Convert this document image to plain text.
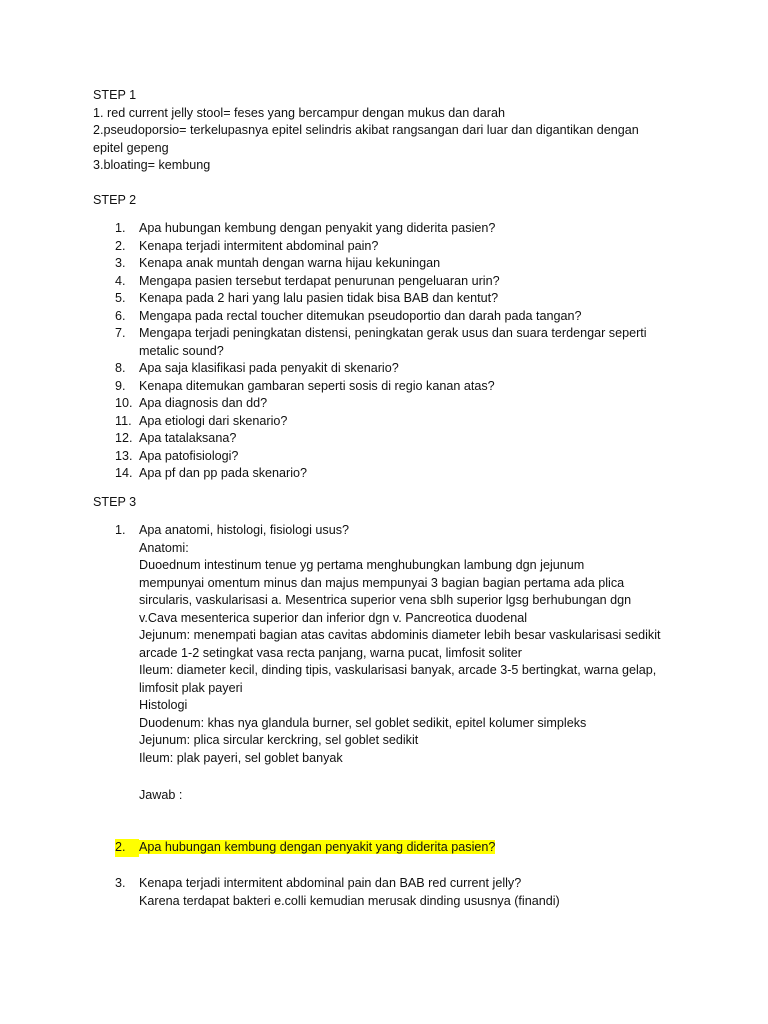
STEP 1
1. red current jelly stool= feses yang bercampur dengan mukus dan darah
2.pseudoporsio= terkelupasnya epitel selindris akibat rangsangan dari luar dan digantikan dengan
epitel gepeng
3.bloating= kembung
STEP 2
1.	Apa hubungan kembung dengan penyakit yang diderita pasien?
2.	Kenapa terjadi intermitent abdominal pain?
3.	Kenapa anak muntah dengan warna hijau kekuningan
4.	Mengapa pasien tersebut terdapat penurunan pengeluaran urin?
5.	Kenapa pada 2 hari yang lalu pasien tidak bisa BAB dan kentut?
6.	Mengapa pada rectal toucher ditemukan pseudoportio dan darah pada tangan?
7.	Mengapa terjadi peningkatan distensi, peningkatan gerak usus dan suara terdengar seperti
metalic sound?
8.	Apa saja klasifikasi pada penyakit di skenario?
9.	Kenapa ditemukan gambaran seperti sosis di regio kanan atas?
10. Apa diagnosis dan dd?
11. Apa etiologi dari skenario?
12. Apa tatalaksana?
13. Apa patofisiologi?
14. Apa pf dan pp pada skenario?
STEP 3
1.	Apa anatomi, histologi, fisiologi usus?
Anatomi:
Duoednum intestinum tenue yg pertama menghubungkan lambung dgn jejunum
mempunyai omentum minus dan majus mempunyai 3 bagian bagian pertama ada plica
sircularis, vaskularisasi a. Mesentrica superior vena sblh superior lgsg berhubungan dgn
v.Cava mesenterica superior dan inferior dgn v. Pancreotica duodenal
Jejunum: menempati bagian atas cavitas abdominis diameter lebih besar vaskularisasi sedikit
arcade 1-2 setingkat vasa recta panjang, warna pucat, limfosit soliter
Ileum: diameter kecil, dinding tipis, vaskularisasi banyak, arcade 3-5 bertingkat, warna gelap,
limfosit plak payeri
Histologi
Duodenum: khas nya glandula burner, sel goblet sedikit, epitel kolumer simpleks
Jejunum: plica sircular kerckring, sel goblet sedikit
Ileum: plak payeri, sel goblet banyak
Jawab :
2.	Apa hubungan kembung dengan penyakit yang diderita pasien?
3.	Kenapa terjadi intermitent abdominal pain dan BAB red current jelly?
Karena terdapat bakteri e.colli kemudian merusak dinding ususnya (finandi)
